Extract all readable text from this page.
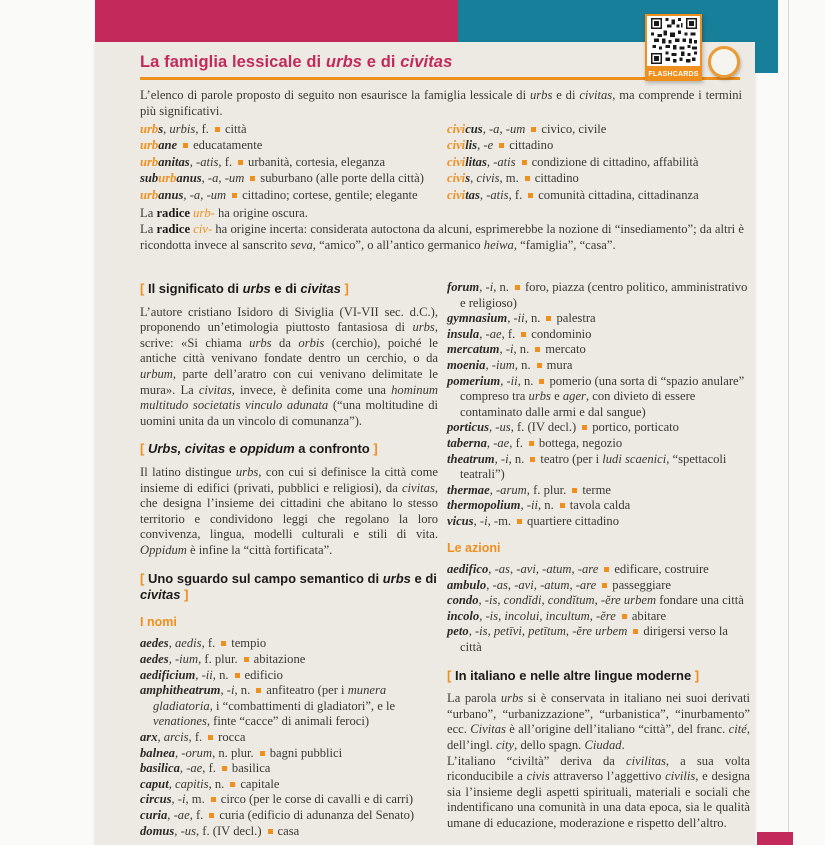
La famiglia lessicale di urbs e di civitas

L’elenco di parole proposto di seguito non esaurisce la famiglia lessicale di urbs e di civitas, ma comprende i termini più significativi.

urbs, urbis, f. città
urbane educatamente
urbanitas, -atis, f. urbanità, cortesia, eleganza
suburbanus, -a, -um suburbano (alle porte della città)
urbanus, -a, -um cittadino; cortese, gentile; elegante
civicus, -a, -um civico, civile
civilis, -e cittadino
civilitas, -atis condizione di cittadino, affabilità
civis, civis, m. cittadino
civitas, -atis, f. comunità cittadina, cittadinanza
La radice urb- ha origine oscura.
La radice civ- ha origine incerta: considerata autoctona da alcuni, esprimerebbe la nozione di “insediamento”; da altri è ricondotta invece al sanscrito seva, “amico”, o all’antico germanico heiwa, “famiglia”, “casa”.
[ Il significato di urbs e di civitas ]

L’autore cristiano Isidoro di Siviglia (VI-VII sec. d.C.), proponendo un’etimologia piuttosto fantasiosa di urbs, scrive: «Si chiama urbs da orbis (cerchio), poiché le antiche città venivano fondate dentro un cerchio, o da urbum, parte dell’aratro con cui venivano delimitate le mura». La civitas, invece, è definita come una hominum multitudo societatis vinculo adunata (“una moltitudine di uomini unita da un vincolo di comunanza”).

[ Urbs, civitas e oppidum a confronto ]

Il latino distingue urbs, con cui si definisce la città come insieme di edifici (privati, pubblici e religiosi), da civitas, che designa l’insieme dei cittadini che abitano lo stesso territorio e condividono leggi che regolano la loro convivenza, lingua, modelli culturali e stili di vita. Oppidum è infine la “città fortificata”.

[ Uno sguardo sul campo semantico di urbs e di civitas ]
I nomi
aedes, aedis, f. tempio
aedes, -ium, f. plur. abitazione
aedificium, -ii, n. edificio
amphitheatrum, -i, n. anfiteatro (per i munera gladiatoria, i “combattimenti di gladiatori”, e le venationes, finte “cacce” di animali feroci)
arx, arcis, f. rocca
balnea, -orum, n. plur. bagni pubblici
basilica, -ae, f. basilica
caput, capitis, n. capitale
circus, -i, m. circo (per le corse di cavalli e di carri)
curia, -ae, f. curia (edificio di adunanza del Senato)
domus, -us, f. (IV decl.) casa
forum, -i, n. foro, piazza (centro politico, amministrativo e religioso)
gymnasium, -ii, n. palestra
insula, -ae, f. condominio
mercatum, -i, n. mercato
moenia, -ium, n. mura
pomerium, -ii, n. pomerio (una sorta di “spazio anulare” compreso tra urbs e ager, con divieto di essere contaminato dalle armi e dal sangue)
porticus, -us, f. (IV decl.) portico, porticato
taberna, -ae, f. bottega, negozio
theatrum, -i, n. teatro (per i ludi scaenici, “spettacoli teatrali”)
thermae, -arum, f. plur. terme
thermopolium, -ii, n. tavola calda
vicus, -i, -m. quartiere cittadino
Le azioni
aedifico, -as, -avi, -atum, -are edificare, costruire
ambulo, -as, -avi, -atum, -are passeggiare
condo, -is, condĭdi, condĭtum, -ĕre urbem fondare una città
incolo, -is, incolui, incultum, -ĕre abitare
peto, -is, petīvi, petītum, -ĕre urbem dirigersi verso la città
[ In italiano e nelle altre lingue moderne ]

La parola urbs si è conservata in italiano nei suoi derivati “urbano”, “urbanizzazione”, “urbanistica”, “inurbamento” ecc. Civitas è all’origine dell’italiano “città”, del franc. cité, dell’ingl. city, dello spagn. Ciudad.

L’italiano “civiltà” deriva da civilitas, a sua volta riconducibile a civis attraverso l’aggettivo civilis, e designa sia l’insieme degli aspetti spirituali, materiali e sociali che indentificano una comunità in una data epoca, sia le qualità umane di educazione, moderazione e rispetto dell’altro.

FLASHCARDS
